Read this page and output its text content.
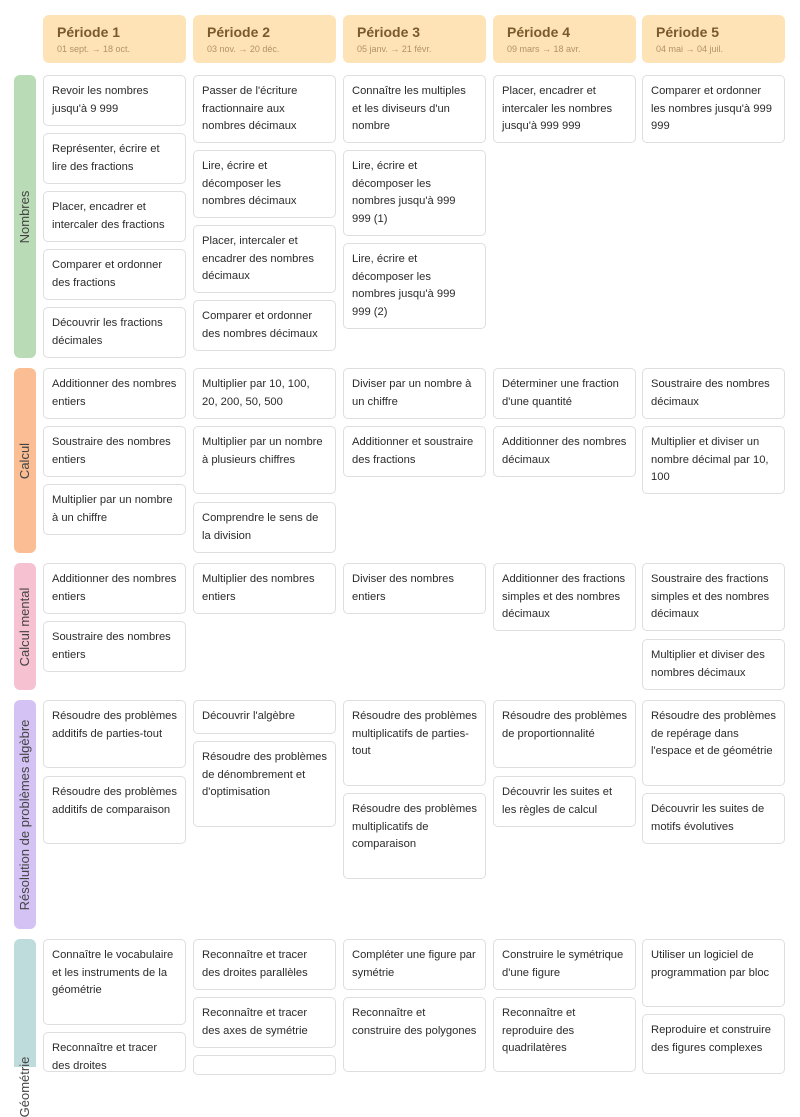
Période 1
01 sept. → 18 oct.
Période 2
03 nov. → 20 déc.
Période 3
05 janv. → 21 févr.
Période 4
09 mars → 18 avr.
Période 5
04 mai → 04 juil.
Nombres
Calcul
Calcul mental
Résolution de problèmes algèbre
Géométrie
Revoir les nombres jusqu'à 9 999
Représenter, écrire et lire des fractions
Placer, encadrer et intercaler des fractions
Comparer et ordonner des fractions
Découvrir les fractions décimales
Passer de l'écriture fractionnaire aux nombres décimaux
Lire, écrire et décomposer les nombres décimaux
Placer, intercaler et encadrer des nombres décimaux
Comparer et ordonner des nombres décimaux
Connaître les multiples et les diviseurs d'un nombre
Lire, écrire et décomposer les nombres jusqu'à 999 999 (1)
Lire, écrire et décomposer les nombres jusqu'à 999 999 (2)
Placer, encadrer et intercaler les nombres jusqu'à 999 999
Comparer et ordonner les nombres jusqu'à 999 999
Additionner des nombres entiers
Soustraire des nombres entiers
Multiplier par un nombre à un chiffre
Multiplier par 10, 100, 20, 200, 50, 500
Multiplier par un nombre à plusieurs chiffres
Comprendre le sens de la division
Diviser par un nombre à un chiffre
Additionner et soustraire des fractions
Déterminer une fraction d'une quantité
Additionner des nombres décimaux
Soustraire des nombres décimaux
Multiplier et diviser un nombre décimal par 10, 100
Additionner des nombres entiers
Soustraire des nombres entiers
Multiplier des nombres entiers
Diviser des nombres entiers
Additionner des fractions simples et des nombres décimaux
Soustraire des fractions simples et des nombres décimaux
Multiplier et diviser des nombres décimaux
Résoudre des problèmes additifs de parties-tout
Résoudre des problèmes additifs de comparaison
Découvrir l'algèbre
Résoudre des problèmes de dénombrement et d'optimisation
Résoudre des problèmes multiplicatifs de parties-tout
Résoudre des problèmes multiplicatifs de comparaison
Résoudre des problèmes de proportionnalité
Découvrir les suites et les règles de calcul
Résoudre des problèmes de repérage dans l'espace et de géométrie
Découvrir les suites de motifs évolutives
Connaître le vocabulaire et les instruments de la géométrie
Reconnaître et tracer des droites
Reconnaître et tracer des droites parallèles
Reconnaître et tracer des axes de symétrie
Compléter une figure par symétrie
Reconnaître et construire des polygones
Construire le symétrique d'une figure
Reconnaître et reproduire des quadrilatères
Utiliser un logiciel de programmation par bloc
Reproduire et construire des figures complexes
